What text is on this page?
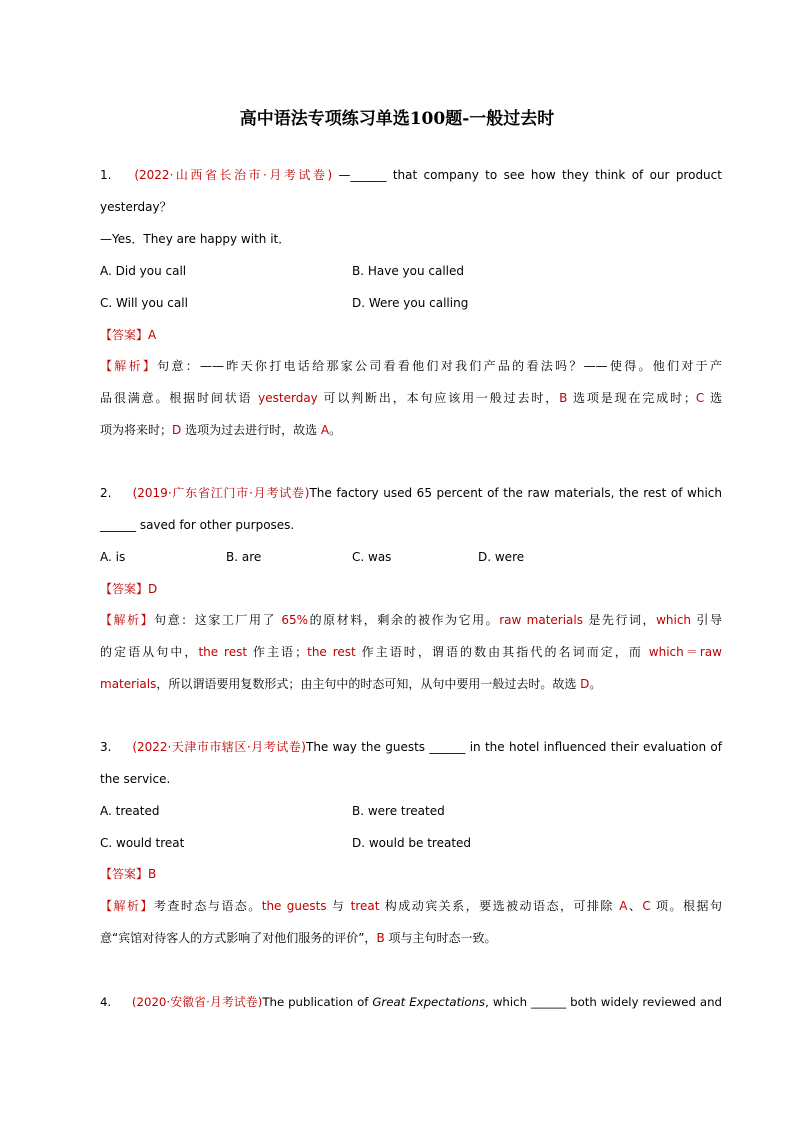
高中语法专项练习单选100题-一般过去时
1. (2022·山西省长治市·月考试卷) —______ that company to see how they think of our product
yesterday？
—Yes．They are happy with it．
A. Did you call	B. Have you called
C. Will you call	D. Were you calling
【答案】A
【解析】句意：——昨天你打电话给那家公司看看他们对我们产品的看法吗？——使得。他们对于产
品很满意。根据时间状语 yesterday 可以判断出，本句应该用一般过去时，B 选项是现在完成时；C 选
项为将来时；D 选项为过去进行时，故选 A。
2. (2019·广东省江门市·月考试卷)The factory used 65 percent of the raw materials, the rest of which
______ saved for other purposes.
A. is	B. are	C. was	D. were
【答案】D
【解析】句意：这家工厂用了 65%的原材料，剩余的被作为它用。raw materials 是先行词，which 引导
的定语从句中，the rest 作主语；the rest 作主语时，谓语的数由其指代的名词而定，而 which＝raw
materials，所以谓语要用复数形式；由主句中的时态可知，从句中要用一般过去时。故选 D。
3. (2022·天津市市辖区·月考试卷)The way the guests ______ in the hotel influenced their evaluation of
the service.
A. treated	B. were treated
C. would treat	D. would be treated
【答案】B
【解析】考查时态与语态。the guests 与 treat 构成动宾关系，要选被动语态，可排除 A、C 项。根据句
意“宾馆对待客人的方式影响了对他们服务的评价”，B 项与主句时态一致。
4. (2020·安徽省·月考试卷)The publication of Great Expectations, which ______ both widely reviewed and
